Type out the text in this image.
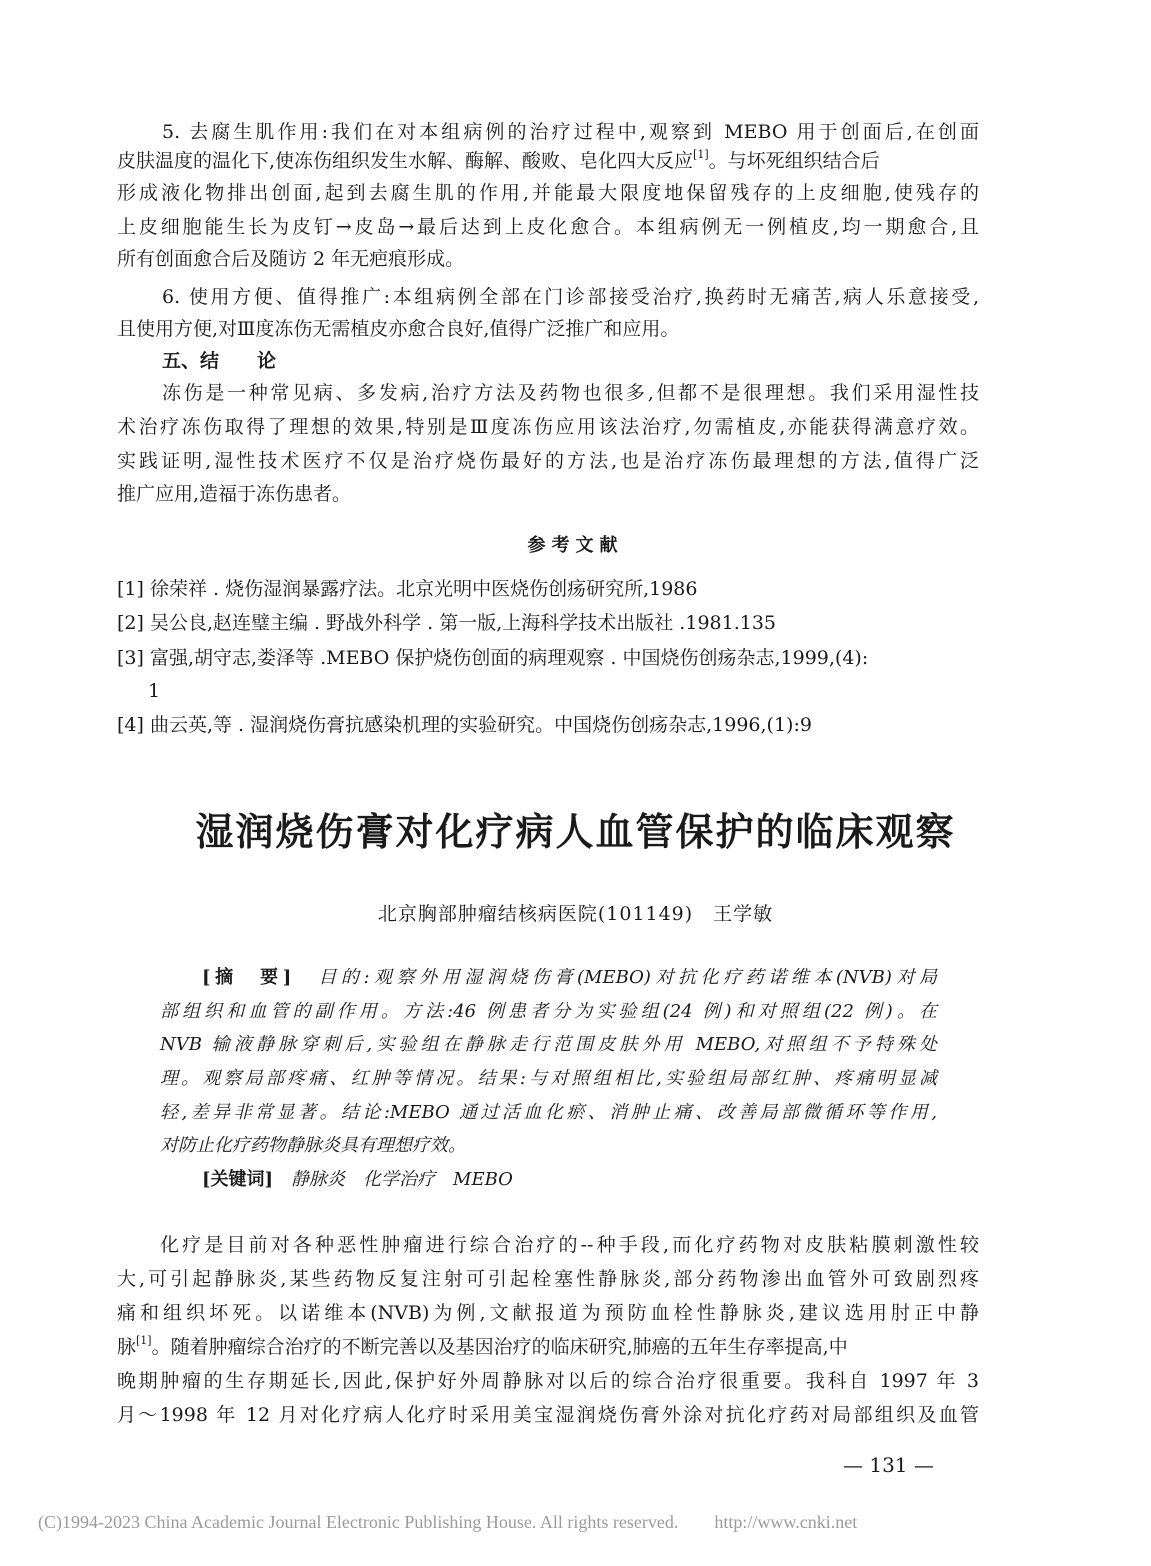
5. 去腐生肌作用:我们在对本组病例的治疗过程中,观察到 MEBO 用于创面后,在创面
皮肤温度的温化下,使冻伤组织发生水解、酶解、酸败、皂化四大反应[1]。与坏死组织结合后
形成液化物排出创面,起到去腐生肌的作用,并能最大限度地保留残存的上皮细胞,使残存的
上皮细胞能生长为皮钉→皮岛→最后达到上皮化愈合。本组病例无一例植皮,均一期愈合,且
所有创面愈合后及随访 2 年无疤痕形成。
6. 使用方便、值得推广:本组病例全部在门诊部接受治疗,换药时无痛苦,病人乐意接受,
且使用方便,对Ⅲ度冻伤无需植皮亦愈合良好,值得广泛推广和应用。
五、结　　论
冻伤是一种常见病、多发病,治疗方法及药物也很多,但都不是很理想。我们采用湿性技
术治疗冻伤取得了理想的效果,特别是Ⅲ度冻伤应用该法治疗,勿需植皮,亦能获得满意疗效。
实践证明,湿性技术医疗不仅是治疗烧伤最好的方法,也是治疗冻伤最理想的方法,值得广泛
推广应用,造福于冻伤患者。
参考文献
[1] 徐荣祥 . 烧伤湿润暴露疗法。北京光明中医烧伤创疡研究所,1986
[2] 吴公良,赵连璧主编 . 野战外科学 . 第一版,上海科学技术出版社 .1981.135
[3] 富强,胡守志,娄泽等 .MEBO 保护烧伤创面的病理观察 . 中国烧伤创疡杂志,1999,(4):
1
[4] 曲云英,等 . 湿润烧伤膏抗感染机理的实验研究。中国烧伤创疡杂志,1996,(1):9
湿润烧伤膏对化疗病人血管保护的临床观察
北京胸部肿瘤结核病医院(101149)　王学敏
[摘　要]　 目的:观察外用湿润烧伤膏(MEBO)对抗化疗药诺维本(NVB)对局
部组织和血管的副作用。方法:46 例患者分为实验组(24 例)和对照组(22 例)。在
NVB 输液静脉穿刺后,实验组在静脉走行范围皮肤外用 MEBO,对照组不予特殊处
理。观察局部疼痛、红肿等情况。结果:与对照组相比,实验组局部红肿、疼痛明显减
轻,差异非常显著。结论:MEBO 通过活血化瘀、消肿止痛、改善局部微循环等作用,
对防止化疗药物静脉炎具有理想疗效。
[关键词]　 静脉炎　化学治疗　MEBO
化疗是目前对各种恶性肿瘤进行综合治疗的--种手段,而化疗药物对皮肤粘膜刺激性较
大,可引起静脉炎,某些药物反复注射可引起栓塞性静脉炎,部分药物渗出血管外可致剧烈疼
痛和组织坏死。以诺维本(NVB)为例,文献报道为预防血栓性静脉炎,建议选用肘正中静
脉[1]。随着肿瘤综合治疗的不断完善以及基因治疗的临床研究,肺癌的五年生存率提高,中
晚期肿瘤的生存期延长,因此,保护好外周静脉对以后的综合治疗很重要。我科自 1997 年 3
月～1998 年 12 月对化疗病人化疗时采用美宝湿润烧伤膏外涂对抗化疗药对局部组织及血管
— 131 —
(C)1994-2023 China Academic Journal Electronic Publishing House. All rights reserved.　　http://www.cnki.net
